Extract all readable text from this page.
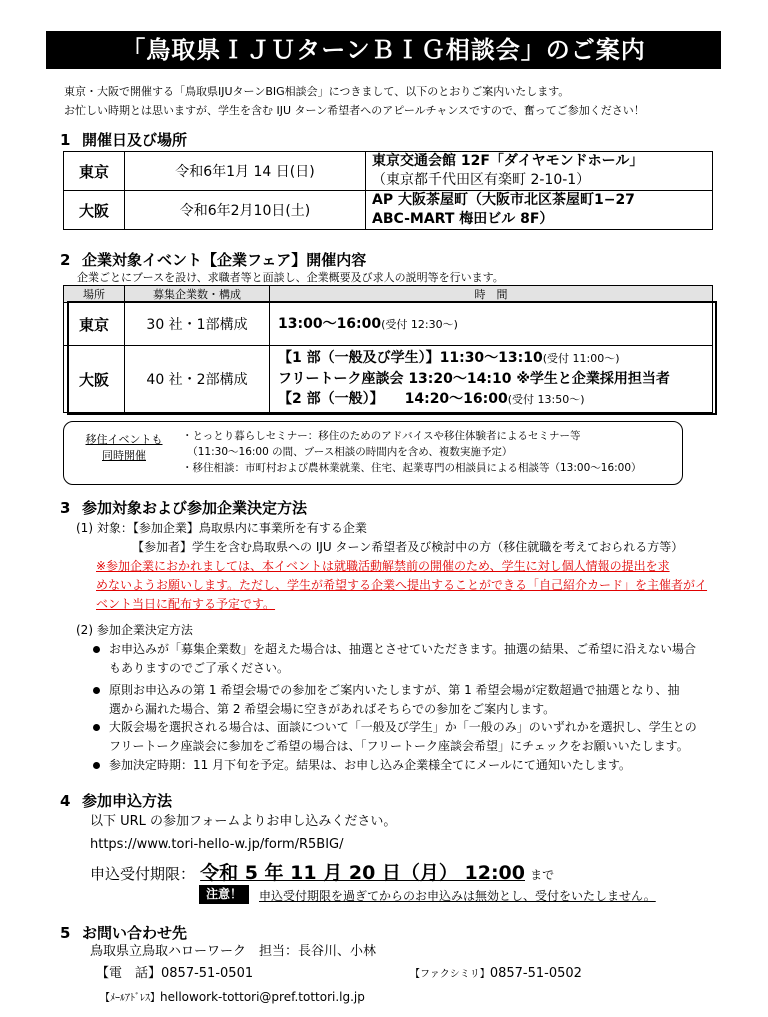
「鳥取県ＩＪＵターンＢＩＧ相談会」のご案内
東京・大阪で開催する「鳥取県IJUターンBIG相談会」につきまして、以下のとおりご案内いたします。
お忙しい時期とは思いますが、学生を含む IJU ターン希望者へのアピールチャンスですので、奮ってご参加ください！
1 開催日及び場所
東京	令和6年1月 14 日(日)	東京交通会館 12F「ダイヤモンドホール」
（東京都千代田区有楽町 2-10-1）

大阪	令和6年2月10日(土)	AP 大阪茶屋町（大阪市北区茶屋町1−27
ABC-MART 梅田ビル 8F）
2 企業対象イベント【企業フェア】開催内容
企業ごとにブースを設け、求職者等と面談し、企業概要及び求人の説明等を行います。
場所	募集企業数・構成	時　間
東京	30 社・1部構成	13:00〜16:00(受付 12:30〜)
大阪	40 社・2部構成	【1 部（一般及び学生）】11:30〜13:10(受付 11:00〜)
フリートーク座談会 13:20〜14:10 ※学生と企業採用担当者
【2 部（一般）】　　14:20〜16:00(受付 13:50〜)
移住イベントも
同時開催
・とっとり暮らしセミナー：移住のためのアドバイスや移住体験者によるセミナー等
　（11:30〜16:00 の間、ブース相談の時間内を含め、複数実施予定）
・移住相談：市町村および農林業就業、住宅、起業専門の相談員による相談等（13:00〜16:00）
3 参加対象および参加企業決定方法
(1) 対象：【参加企業】鳥取県内に事業所を有する企業
【参加者】学生を含む鳥取県への IJU ターン希望者及び検討中の方（移住就職を考えておられる方等）
※参加企業におかれましては、本イベントは就職活動解禁前の開催のため、学生に対し個人情報の提出を求
めないようお願いします。ただし、学生が希望する企業へ提出することができる「自己紹介カード」を主催者がイ
ベント当日に配布する予定です。
(2) 参加企業決定方法
お申込みが「募集企業数」を超えた場合は、抽選とさせていただきます。抽選の結果、ご希望に沿えない場合
もありますのでご了承ください。
原則お申込みの第 1 希望会場での参加をご案内いたしますが、第 1 希望会場が定数超過で抽選となり、抽
選から漏れた場合、第 2 希望会場に空きがあればそちらでの参加をご案内します。
大阪会場を選択される場合は、面談について「一般及び学生」か「一般のみ」のいずれかを選択し、学生との
フリートーク座談会に参加をご希望の場合は、「フリートーク座談会希望」にチェックをお願いいたします。
参加決定時期：11 月下旬を予定。結果は、お申し込み企業様全てにメールにて通知いたします。
4 参加申込方法
以下 URL の参加フォームよりお申し込みください。
https://www.tori-hello-w.jp/form/R5BIG/
申込受付期限： 令和 5 年 11 月 20 日（月） 12:00 まで
注意！	申込受付期限を過ぎてからのお申込みは無効とし、受付をいたしません。
5 お問い合わせ先
鳥取県立鳥取ハローワーク　担当：長谷川、小林
【電　話】0857-51-0501	【ファクシミリ】0857-51-0502
【ﾒｰﾙｱﾄﾞﾚｽ】hellowork-tottori@pref.tottori.lg.jp
